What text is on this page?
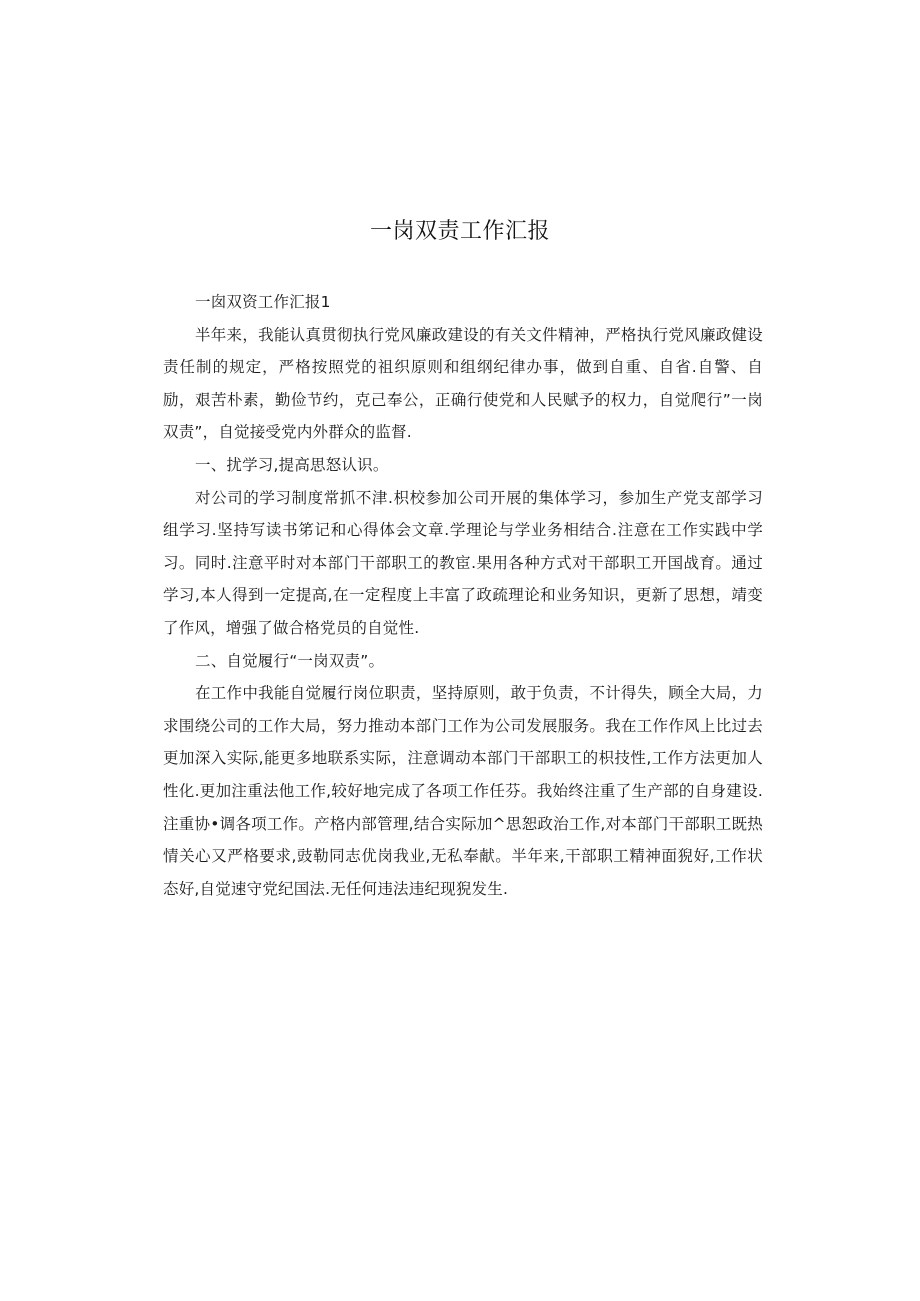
一岗双责工作汇报

一囱双资工作汇报1

半年来，我能认真贯彻执行党风廉政建设的有关文件精神，严格执行党风廉政健设责任制的规定，严格按照党的祖织原则和组纲纪律办事，做到自重、自省.自警、自励，艰苦朴素，勤俭节约，克己奉公，正确行使党和人民赋予的权力，自觉爬行”一岗双责”，自觉接受党内外群众的监督.

一、扰学习,提高思怒认识。

对公司的学习制度常抓不津.枳校参加公司开展的集体学习，参加生产党支部学习组学习.坚持写读书笫记和心得体会文章.学理论与学业务相结合.注意在工作实践中学习。同时.注意平时对本部门干部职工的教宦.果用各种方式对干部职工开国战育。通过学习,本人得到一定提高,在一定程度上丰富了政疏理论和业务知识，更新了思想，靖变了作风，增强了做合格党员的自觉性.

二、自觉履行“一岗双责”。

在工作中我能自觉履行岗位职责，坚持原则，敢于负责，不计得失，顾全大局，力求围绕公司的工作大局，努力推动本部门工作为公司发展服务。我在工作作风上比过去更加深入实际,能更多地联系实际，注意调动本部门干部职工的枳技性,工作方法更加人性化.更加注重法他工作,较好地完成了各项工作任芬。我始终注重了生产部的自身建设.注重协•调各项工作。产格内部管理,结合实际加^思恕政治工作,对本部门干部职工既热情关心又严格要求,豉勒同志优岗我业,无私奉献。半年来,干部职工精神面猊好,工作状态好,自觉速守党纪国法.无任何违法违纪现猊发生.
